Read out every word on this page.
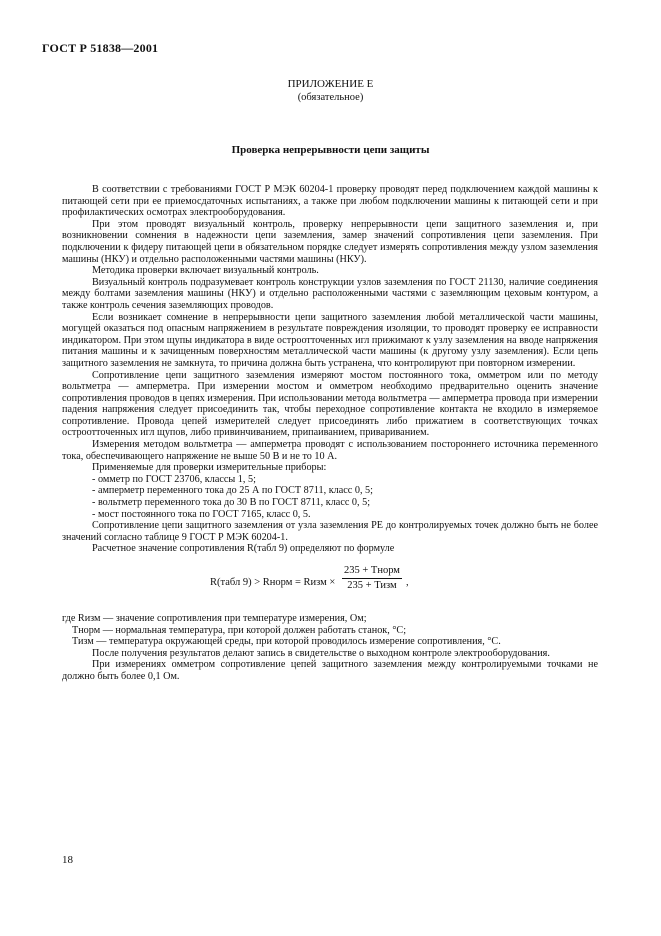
ГОСТ Р 51838—2001
ПРИЛОЖЕНИЕ Е
(обязательное)
Проверка непрерывности цепи защиты

В соответствии с требованиями ГОСТ Р МЭК 60204-1 проверку проводят перед подключением каждой машины к питающей сети при ее приемосдаточных испытаниях, а также при любом подключении машины к питающей сети и при профилактических осмотрах электрооборудования.

При этом проводят визуальный контроль, проверку непрерывности цепи защитного заземления и, при возникновении сомнения в надежности цепи заземления, замер значений сопротивления цепи заземления. При подключении к фидеру питающей цепи в обязательном порядке следует измерять сопротивления между узлом заземления машины (НКУ) и отдельно расположенными частями машины (НКУ).

Методика проверки включает визуальный контроль.

Визуальный контроль подразумевает контроль конструкции узлов заземления по ГОСТ 21130, наличие соединения между болтами заземления машины (НКУ) и отдельно расположенными частями с заземляющим цеховым контуром, а также контроль сечения заземляющих проводов.

Если возникает сомнение в непрерывности цепи защитного заземления любой металлической части машины, могущей оказаться под опасным напряжением в результате повреждения изоляции, то проводят проверку ее исправности индикатором. При этом щупы индикатора в виде остроотточенных игл прижимают к узлу заземления на вводе напряжения питания машины и к зачищенным поверхностям металлической части машины (к другому узлу заземления). Если цепь защитного заземления не замкнута, то причина должна быть устранена, что контролируют при повторном измерении.

Сопротивление цепи защитного заземления измеряют мостом постоянного тока, омметром или по методу вольтметра — амперметра. При измерении мостом и омметром необходимо предварительно оценить значение сопротивления проводов в цепях измерения. При использовании метода вольтметра — амперметра провода при измерении падения напряжения следует присоединить так, чтобы переходное сопротивление контакта не входило в измеряемое сопротивление. Провода цепей измерителей следует присоединять либо прижатием в соответствующих точках остроотточенных игл щупов, либо привинчиванием, припаиванием, привариванием.

Измерения методом вольтметра — амперметра проводят с использованием постороннего источника переменного тока, обеспечивающего напряжение не выше 50 В и не то 10 А.

Применяемые для проверки измерительные приборы:

- омметр по ГОСТ 23706, классы 1, 5;

- амперметр переменного тока до 25 А по ГОСТ 8711, класс 0, 5;

- вольтметр переменного тока до 30 В по ГОСТ 8711, класс 0, 5;

- мост постоянного тока по ГОСТ 7165, класс 0, 5.

Сопротивление цепи защитного заземления от узла заземления РЕ до контролируемых точек должно быть не более значений согласно таблице 9 ГОСТ Р МЭК 60204-1.

Расчетное значение сопротивления R(табл 9) определяют по формуле

R(табл 9) > Rнорм = Rизм ×
235 + Тнорм
235 + Тизм ,
где Rизм — значение сопротивления при температуре измерения, Ом;
Тнорм — нормальная температура, при которой должен работать станок, °С;
Тизм — температура окружающей среды, при которой проводилось измерение сопротивления, °С.

После получения результатов делают запись в свидетельстве о выходном контроле электрооборудования.

При измерениях омметром сопротивление цепей защитного заземления между контролируемыми точками не должно быть более 0,1 Ом.

18
